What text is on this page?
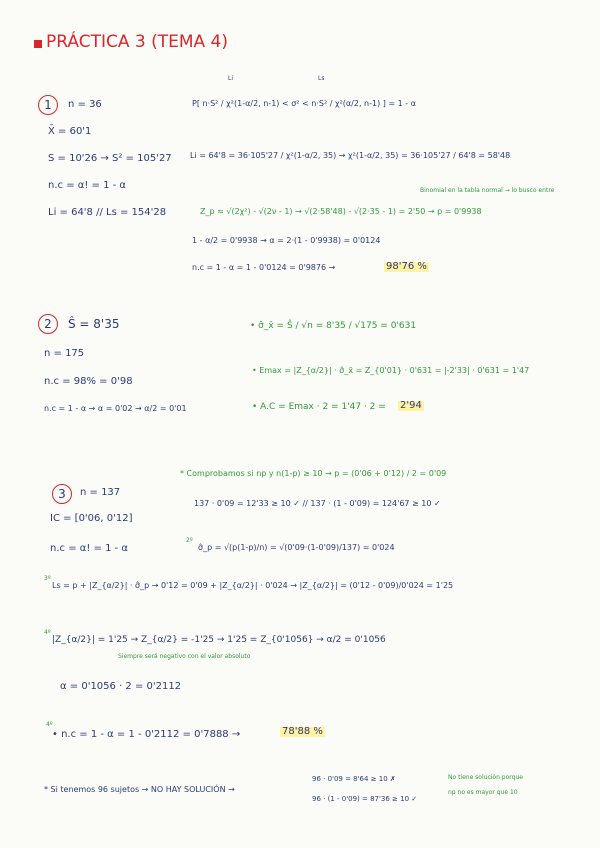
PRÁCTICA 3 (TEMA 4)
1	n = 36
X̄ = 60'1
S = 10'26 → S² = 105'27
n.c = α! = 1 - α
Li = 64'8 // Ls = 154'28
Li	Ls
P[ n·S² / χ²(1-α/2, n-1) < σ² < n·S² / χ²(α/2, n-1) ] = 1 - α
Li = 64'8 = 36·105'27 / χ²(1-α/2, 35) → χ²(1-α/2, 35) = 36·105'27 / 64'8 = 58'48
Binomial en la tabla normal → lo busco entre
Z_p ≈ √(2χ²) - √(2ν - 1) → √(2·58'48) - √(2·35 - 1) = 2'50 → p = 0'9938
1 - α/2 = 0'9938 → α = 2·(1 - 0'9938) = 0'0124
n.c = 1 - α = 1 - 0'0124 = 0'9876 →	98'76 %
2	Ŝ = 8'35
n = 175
n.c = 98% = 0'98
n.c = 1 - α → α = 0'02 → α/2 = 0'01
• σ̂_x̄ = Ŝ / √n = 8'35 / √175 = 0'631
• Emax = |Z_{α/2}| · σ̂_x̄ = Z_{0'01} · 0'631 = |-2'33| · 0'631 = 1'47
• A.C = Emax · 2 = 1'47 · 2 = 2'94
3	n = 137
IC = [0'06, 0'12]
n.c = α! = 1 - α
* Comprobamos si np y n(1-p) ≥ 10 → p = (0'06 + 0'12) / 2 = 0'09
137 · 0'09 = 12'33 ≥ 10 ✓ // 137 · (1 - 0'09) = 124'67 ≥ 10 ✓
2º
σ̂_p = √(p(1-p)/n) = √(0'09·(1-0'09)/137) = 0'024
3º
Ls = p + |Z_{α/2}| · σ̂_p → 0'12 = 0'09 + |Z_{α/2}| · 0'024 → |Z_{α/2}| = (0'12 - 0'09)/0'024 = 1'25
4º
|Z_{α/2}| = 1'25 → Z_{α/2} = -1'25 → 1'25 = Z_{0'1056} → α/2 = 0'1056
Siempre será negativo con el valor absoluto
α = 0'1056 · 2 = 0'2112
4º
• n.c = 1 - α = 1 - 0'2112 = 0'7888 →	78'88 %
* Si tenemos 96 sujetos → NO HAY SOLUCIÓN →
96 · 0'09 = 8'64 ≥ 10 ✗
96 · (1 - 0'09) = 87'36 ≥ 10 ✓
No tiene solución porque
np no es mayor que 10
